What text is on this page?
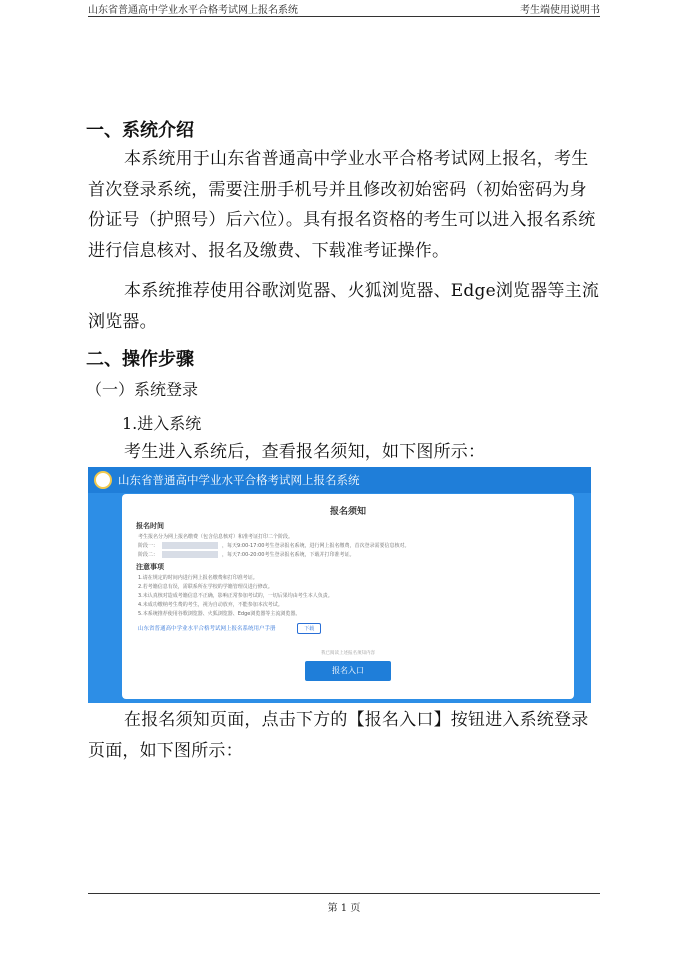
山东省普通高中学业水平合格考试网上报名系统	考生端使用说明书
一、系统介绍

本系统用于山东省普通高中学业水平合格考试网上报名，考生首次登录系统，需要注册手机号并且修改初始密码（初始密码为身份证号（护照号）后六位）。具有报名资格的考生可以进入报名系统进行信息核对、报名及缴费、下载准考证操作。

本系统推荐使用谷歌浏览器、火狐浏览器、Edge浏览器等主流浏览器。

二、操作步骤
（一）系统登录
1.进入系统

考生进入系统后，查看报名须知，如下图所示：

山东省普通高中学业水平合格考试网上报名系统
报名须知
报名时间
考生报名分为网上报名缴费（包含信息核对）和准考证打印二个阶段。
阶段一：	，每天9:00-17:00考生登录报名系统，进行网上报名缴费，首次登录需要信息核对。
阶段二：	，每天7:00-20:00考生登录报名系统，下载并打印准考证。
注意事项
1.请在规定的时间内进行网上报名缴费和打印准考证。
2.若考籍信息有误，需联系所在学校的学籍管理员进行修改。
3.未认真核对造成考籍信息不正确，影响正常参加考试的，一切后果均由考生本人负责。
4.未成功缴纳考生费的考生，视为自动放弃，不能参加本次考试。
5.本系统推荐使用谷歌浏览器、火狐浏览器、Edge浏览器等主流浏览器。
山东省普通高中学业水平合格考试网上报名系统用户手册	下载
我已阅读上述报名须知内容
报名入口

在报名须知页面，点击下方的【报名入口】按钮进入系统登录页面，如下图所示：

第 1 页
